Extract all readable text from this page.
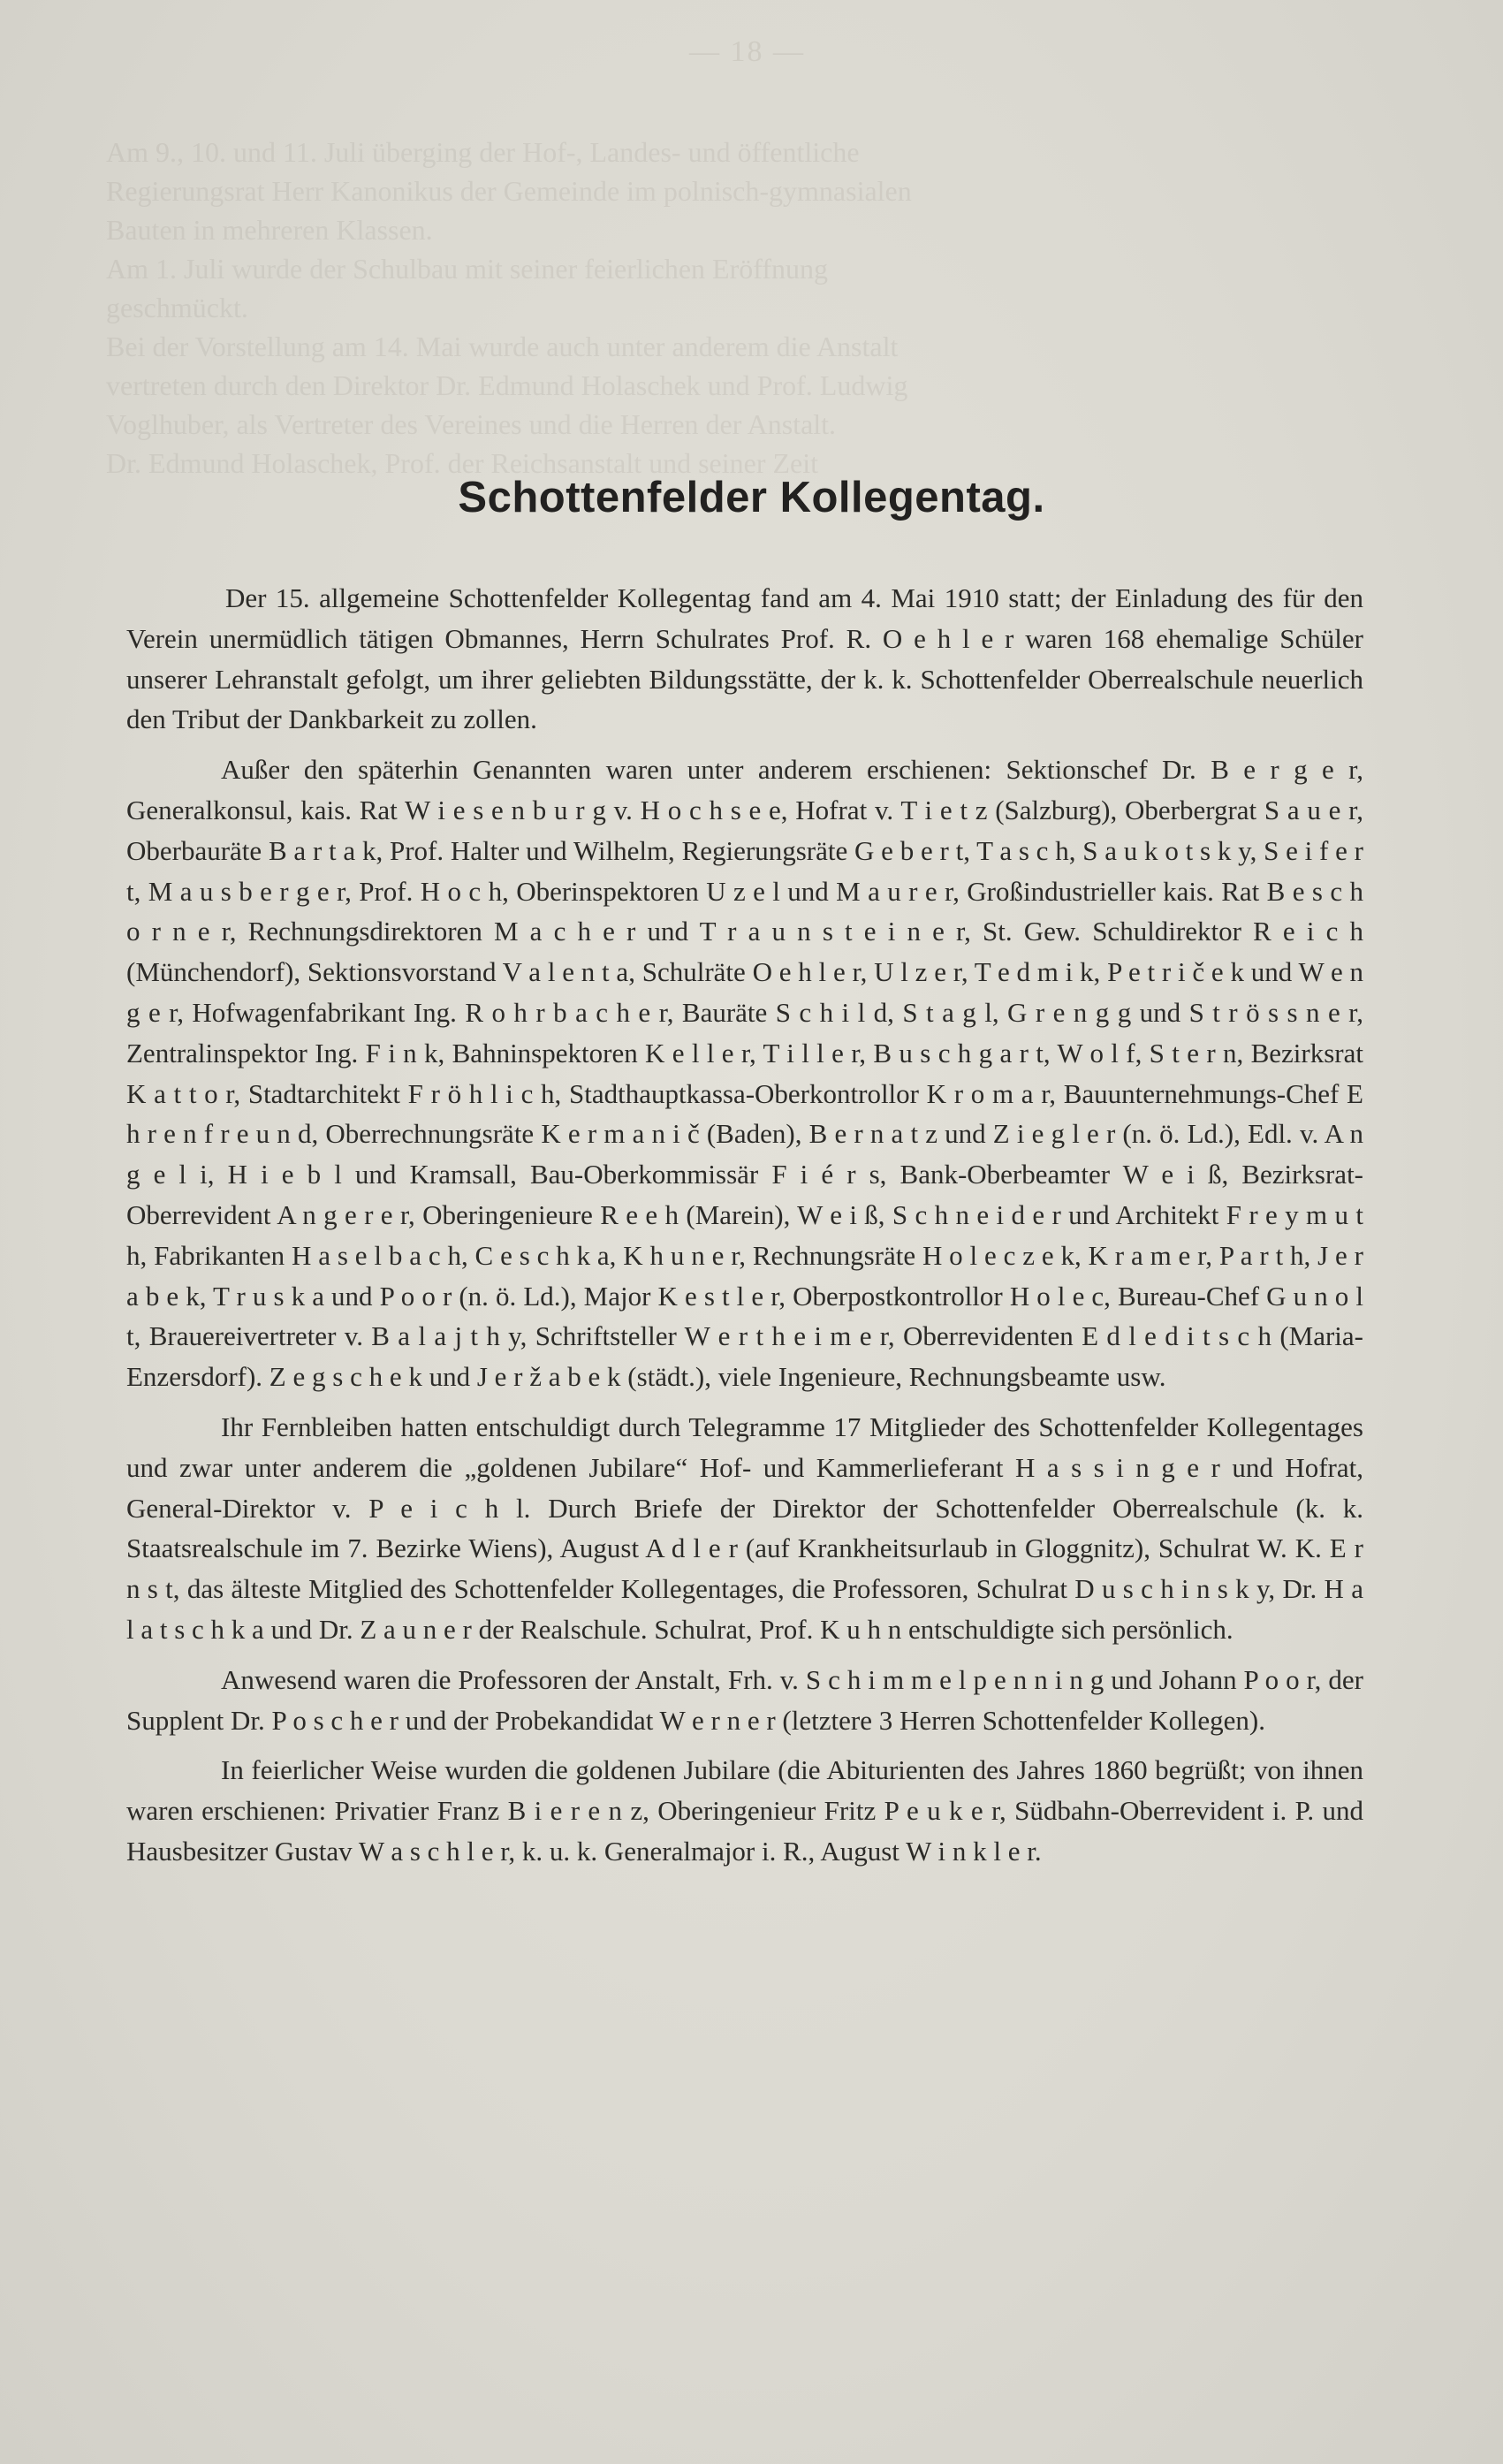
— 18 —

Am 9., 10. und 11. Juli überging der Hof-, Landes- und öffentliche

Regierungsrat Herr Kanonikus der Gemeinde im polnisch-gymnasialen

Bauten in mehreren Klassen.

Am 1. Juli wurde der Schulbau mit seiner feierlichen Eröffnung

geschmückt.

Bei der Vorstellung am 14. Mai wurde auch unter anderem die Anstalt

vertreten durch den Direktor Dr. Edmund Holaschek und Prof. Ludwig

Voglhuber, als Vertreter des Vereines und die Herren der Anstalt.

Dr. Edmund Holaschek, Prof. der Reichsanstalt und seiner Zeit

Schottenfelder Kollegentag.

Der 15. allgemeine Schottenfelder Kollegentag fand am 4. Mai 1910 statt; der Einladung des für den Verein unermüdlich tätigen Obmannes, Herrn Schulrates Prof. R. O e h l e r waren 168 ehemalige Schüler unserer Lehranstalt gefolgt, um ihrer geliebten Bildungsstätte, der k. k. Schottenfelder Oberrealschule neuerlich den Tribut der Dankbarkeit zu zollen.

Außer den späterhin Genannten waren unter anderem erschienen: Sektionschef Dr. B e r g e r, Generalkonsul, kais. Rat W i e s e n b u r g v. H o c h s e e, Hofrat v. T i e t z (Salzburg), Oberbergrat S a u e r, Oberbauräte B a r t a k, Prof. Halter und Wilhelm, Regierungsräte G e b e r t, T a s c h, S a u k o t s k y, S e i f e r t, M a u s b e r g e r, Prof. H o c h, Oberinspektoren U z e l und M a u r e r, Großindustrieller kais. Rat B e s c h o r n e r, Rechnungsdirektoren M a c h e r und T r a u n s t e i n e r, St. Gew. Schuldirektor R e i c h (Münchendorf), Sektionsvorstand V a l e n t a, Schulräte O e h l e r, U l z e r, T e d m i k, P e t r i č e k und W e n g e r, Hofwagenfabrikant Ing. R o h r b a c h e r, Bauräte S c h i l d, S t a g l, G r e n g g und S t r ö s s n e r, Zentralinspektor Ing. F i n k, Bahninspektoren K e l l e r, T i l l e r, B u s c h g a r t, W o l f, S t e r n, Bezirksrat K a t t o r, Stadtarchitekt F r ö h l i c h, Stadthauptkassa-Oberkontrollor K r o m a r, Bauunternehmungs-Chef E h r e n f r e u n d, Oberrechnungsräte K e r m a n i č (Baden), B e r n a t z und Z i e g l e r (n. ö. Ld.), Edl. v. A n g e l i, H i e b l und Kramsall, Bau-Oberkommissär F i é r s, Bank-Oberbeamter W e i ß, Bezirksrat-Oberrevident A n g e r e r, Oberingenieure R e e h (Marein), W e i ß, S c h n e i d e r und Architekt F r e y m u t h, Fabrikanten H a s e l b a c h, C e s c h k a, K h u n e r, Rechnungsräte H o l e c z e k, K r a m e r, P a r t h, J e r a b e k, T r u s k a und P o o r (n. ö. Ld.), Major K e s t l e r, Oberpostkontrollor H o l e c, Bureau-Chef G u n o l t, Brauereivertreter v. B a l a j t h y, Schriftsteller W e r t h e i m e r, Oberrevidenten E d l e d i t s c h (Maria-Enzersdorf). Z e g s c h e k und J e r ž a b e k (städt.), viele Ingenieure, Rechnungsbeamte usw.

Ihr Fernbleiben hatten entschuldigt durch Telegramme 17 Mitglieder des Schottenfelder Kollegentages und zwar unter anderem die „goldenen Jubilare“ Hof- und Kammerlieferant H a s s i n g e r und Hofrat, General-Direktor v. P e i c h l. Durch Briefe der Direktor der Schottenfelder Oberrealschule (k. k. Staatsrealschule im 7. Bezirke Wiens), August A d l e r (auf Krankheitsurlaub in Gloggnitz), Schulrat W. K. E r n s t, das älteste Mitglied des Schottenfelder Kollegentages, die Professoren, Schulrat D u s c h i n s k y, Dr. H a l a t s c h k a und Dr. Z a u n e r der Realschule. Schulrat, Prof. K u h n entschuldigte sich persönlich.

Anwesend waren die Professoren der Anstalt, Frh. v. S c h i m m e l p e n n i n g und Johann P o o r, der Supplent Dr. P o s c h e r und der Probekandidat W e r n e r (letztere 3 Herren Schottenfelder Kollegen).

In feierlicher Weise wurden die goldenen Jubilare (die Abiturienten des Jahres 1860 begrüßt; von ihnen waren erschienen: Privatier Franz B i e r e n z, Oberingenieur Fritz P e u k e r, Südbahn-Oberrevident i. P. und Hausbesitzer Gustav W a s c h l e r, k. u. k. Generalmajor i. R., August W i n k l e r.
